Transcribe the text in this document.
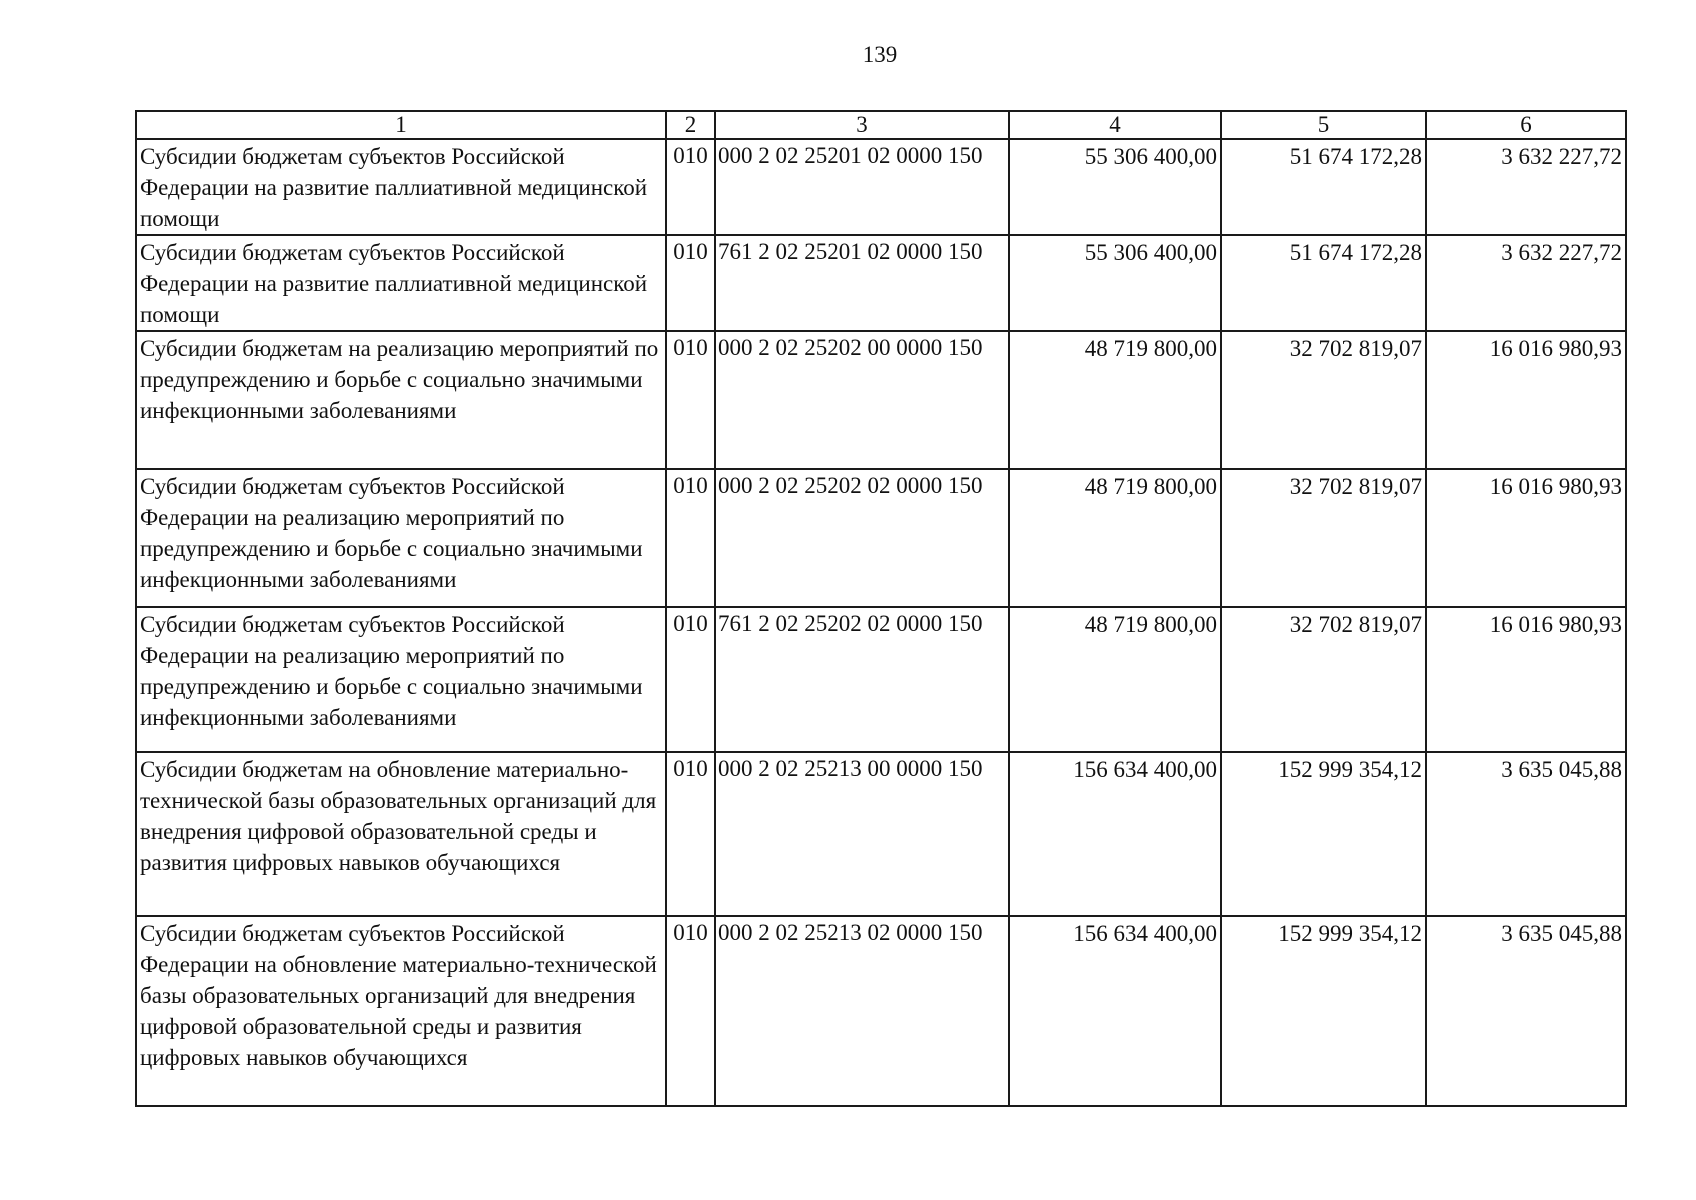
139
1	2	3	4	5	6
Субсидии бюджетам субъектов Российской Федерации на развитие паллиативной медицинской помощи	010	000 2 02 25201 02 0000 150	55 306 400,00	51 674 172,28	3 632 227,72
Субсидии бюджетам субъектов Российской Федерации на развитие паллиативной медицинской помощи	010	761 2 02 25201 02 0000 150	55 306 400,00	51 674 172,28	3 632 227,72
Субсидии бюджетам на реализацию мероприятий по предупреждению и борьбе с социально значимыми инфекционными заболеваниями	010	000 2 02 25202 00 0000 150	48 719 800,00	32 702 819,07	16 016 980,93
Субсидии бюджетам субъектов Российской Федерации на реализацию мероприятий по предупреждению и борьбе с социально значимыми инфекционными заболеваниями	010	000 2 02 25202 02 0000 150	48 719 800,00	32 702 819,07	16 016 980,93
Субсидии бюджетам субъектов Российской Федерации на реализацию мероприятий по предупреждению и борьбе с социально значимыми инфекционными заболеваниями	010	761 2 02 25202 02 0000 150	48 719 800,00	32 702 819,07	16 016 980,93
Субсидии бюджетам на обновление материально-технической базы образовательных организаций для внедрения цифровой образовательной среды и развития цифровых навыков обучающихся	010	000 2 02 25213 00 0000 150	156 634 400,00	152 999 354,12	3 635 045,88
Субсидии бюджетам субъектов Российской Федерации на обновление материально-технической базы образовательных организаций для внедрения цифровой образовательной среды и развития цифровых навыков обучающихся	010	000 2 02 25213 02 0000 150	156 634 400,00	152 999 354,12	3 635 045,88
